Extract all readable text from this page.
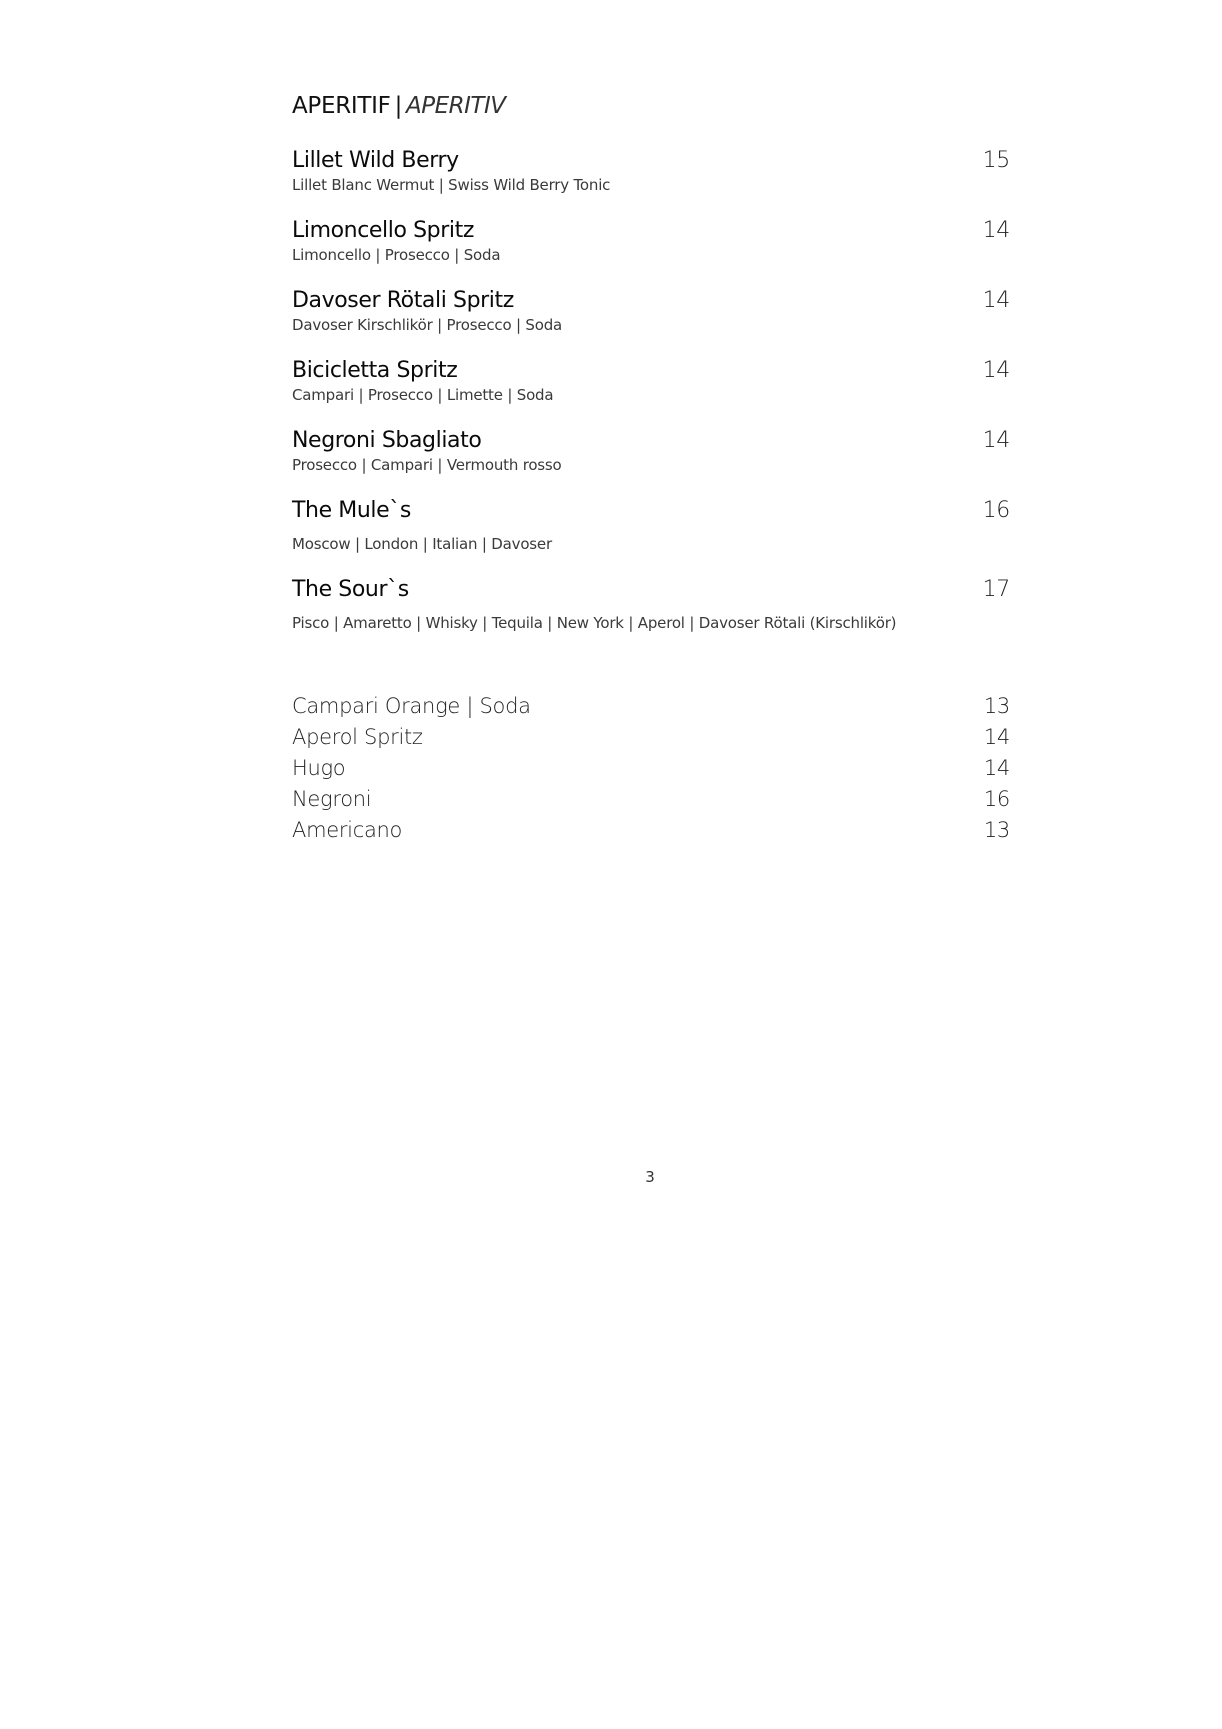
APERITIF | APERITIV
Lillet Wild Berry	15
Lillet Blanc Wermut | Swiss Wild Berry Tonic
Limoncello Spritz	14
Limoncello | Prosecco | Soda
Davoser Rötali Spritz	14
Davoser Kirschlikör | Prosecco | Soda
Bicicletta Spritz	14
Campari | Prosecco | Limette | Soda
Negroni Sbagliato	14
Prosecco | Campari | Vermouth rosso
The Mule`s	16
Moscow | London | Italian | Davoser
The Sour`s	17
Pisco | Amaretto | Whisky | Tequila | New York | Aperol | Davoser Rötali (Kirschlikör)
Campari Orange | Soda	13
Aperol Spritz	14
Hugo	14
Negroni	16
Americano	13
3
